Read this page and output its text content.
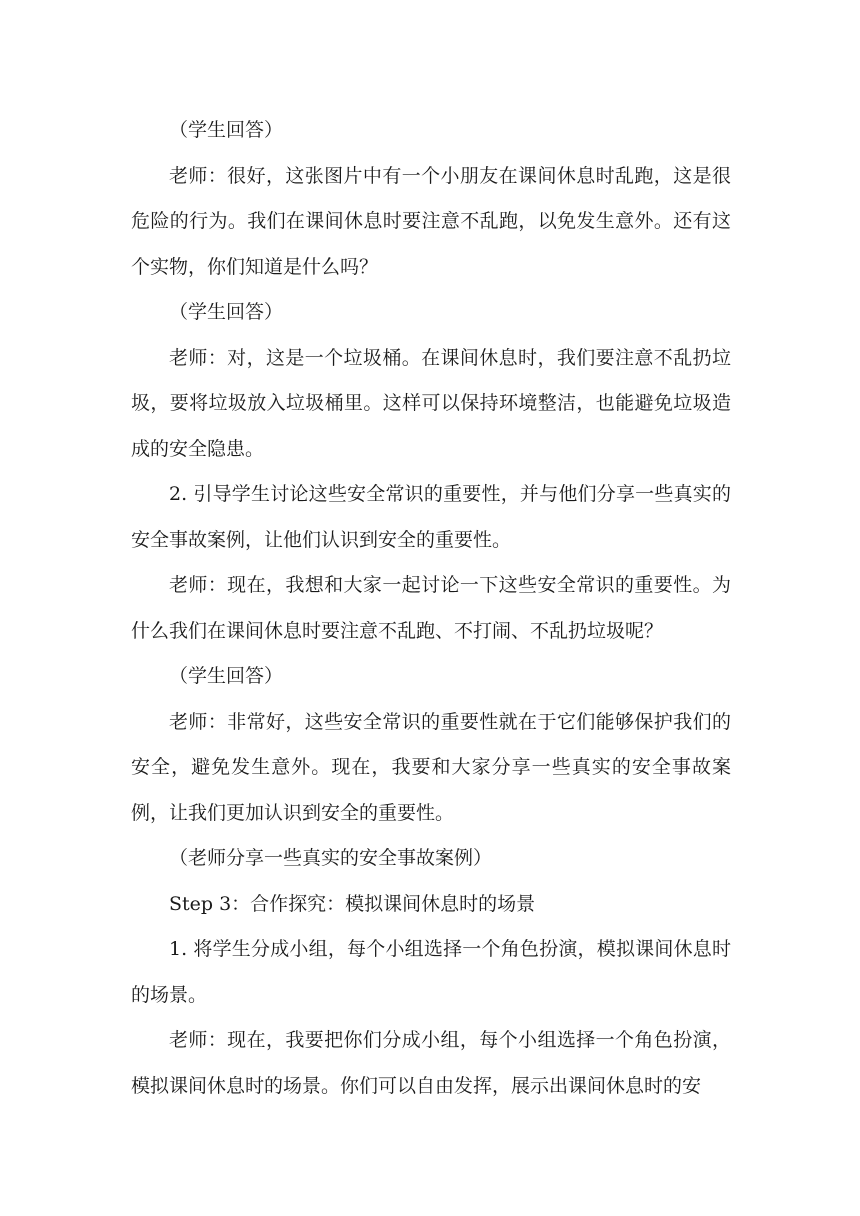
（学生回答）

老师：很好，这张图片中有一个小朋友在课间休息时乱跑，这是很危险的行为。我们在课间休息时要注意不乱跑，以免发生意外。还有这个实物，你们知道是什么吗？

（学生回答）

老师：对，这是一个垃圾桶。在课间休息时，我们要注意不乱扔垃圾，要将垃圾放入垃圾桶里。这样可以保持环境整洁，也能避免垃圾造成的安全隐患。

2. 引导学生讨论这些安全常识的重要性，并与他们分享一些真实的安全事故案例，让他们认识到安全的重要性。

老师：现在，我想和大家一起讨论一下这些安全常识的重要性。为什么我们在课间休息时要注意不乱跑、不打闹、不乱扔垃圾呢？

（学生回答）

老师：非常好，这些安全常识的重要性就在于它们能够保护我们的安全，避免发生意外。现在，我要和大家分享一些真实的安全事故案例，让我们更加认识到安全的重要性。

（老师分享一些真实的安全事故案例）

Step 3：合作探究：模拟课间休息时的场景

1. 将学生分成小组，每个小组选择一个角色扮演，模拟课间休息时的场景。

老师：现在，我要把你们分成小组，每个小组选择一个角色扮演，模拟课间休息时的场景。你们可以自由发挥，展示出课间休息时的安
